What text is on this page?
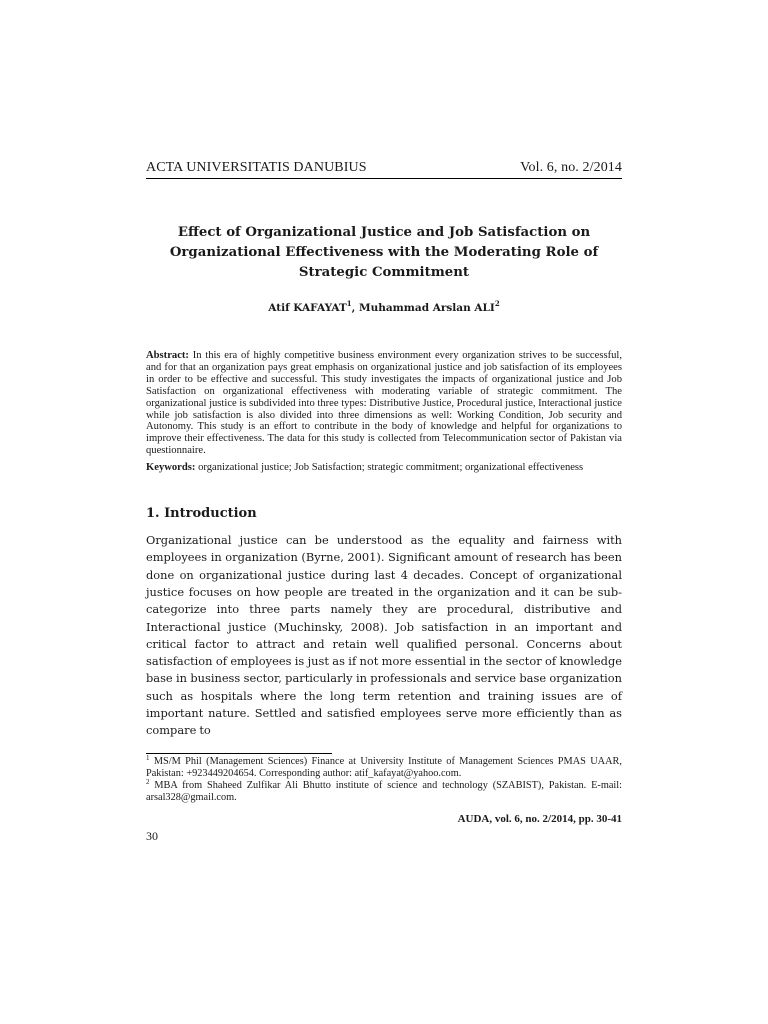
ACTA UNIVERSITATIS DANUBIUS	Vol. 6, no. 2/2014
Effect of Organizational Justice and Job Satisfaction on Organizational Effectiveness with the Moderating Role of Strategic Commitment
Atif KAFAYAT$^1$, Muhammad Arslan ALI$^2$
Abstract: In this era of highly competitive business environment every organization strives to be successful, and for that an organization pays great emphasis on organizational justice and job satisfaction of its employees in order to be effective and successful. This study investigates the impacts of organizational justice and Job Satisfaction on organizational effectiveness with moderating variable of strategic commitment. The organizational justice is subdivided into three types: Distributive Justice, Procedural justice, Interactional justice while job satisfaction is also divided into three dimensions as well: Working Condition, Job security and Autonomy. This study is an effort to contribute in the body of knowledge and helpful for organizations to improve their effectiveness. The data for this study is collected from Telecommunication sector of Pakistan via questionnaire.
Keywords: organizational justice; Job Satisfaction; strategic commitment; organizational effectiveness
1. Introduction
Organizational justice can be understood as the equality and fairness with employees in organization (Byrne, 2001). Significant amount of research has been done on organizational justice during last 4 decades. Concept of organizational justice focuses on how people are treated in the organization and it can be sub-categorize into three parts namely they are procedural, distributive and Interactional justice (Muchinsky, 2008). Job satisfaction in an important and critical factor to attract and retain well qualified personal. Concerns about satisfaction of employees is just as if not more essential in the sector of knowledge base in business sector, particularly in professionals and service base organization such as hospitals where the long term retention and training issues are of important nature. Settled and satisfied employees serve more efficiently than as compare to

$^1$ MS/M Phil (Management Sciences) Finance at University Institute of Management Sciences PMAS UAAR, Pakistan: +923449204654. Corresponding author: atif_kafayat@yahoo.com.

$^2$ MBA from Shaheed Zulfikar Ali Bhutto institute of science and technology (SZABIST), Pakistan. E-mail: arsal328@gmail.com.

AUDA, vol. 6, no. 2/2014, pp. 30-41
30
